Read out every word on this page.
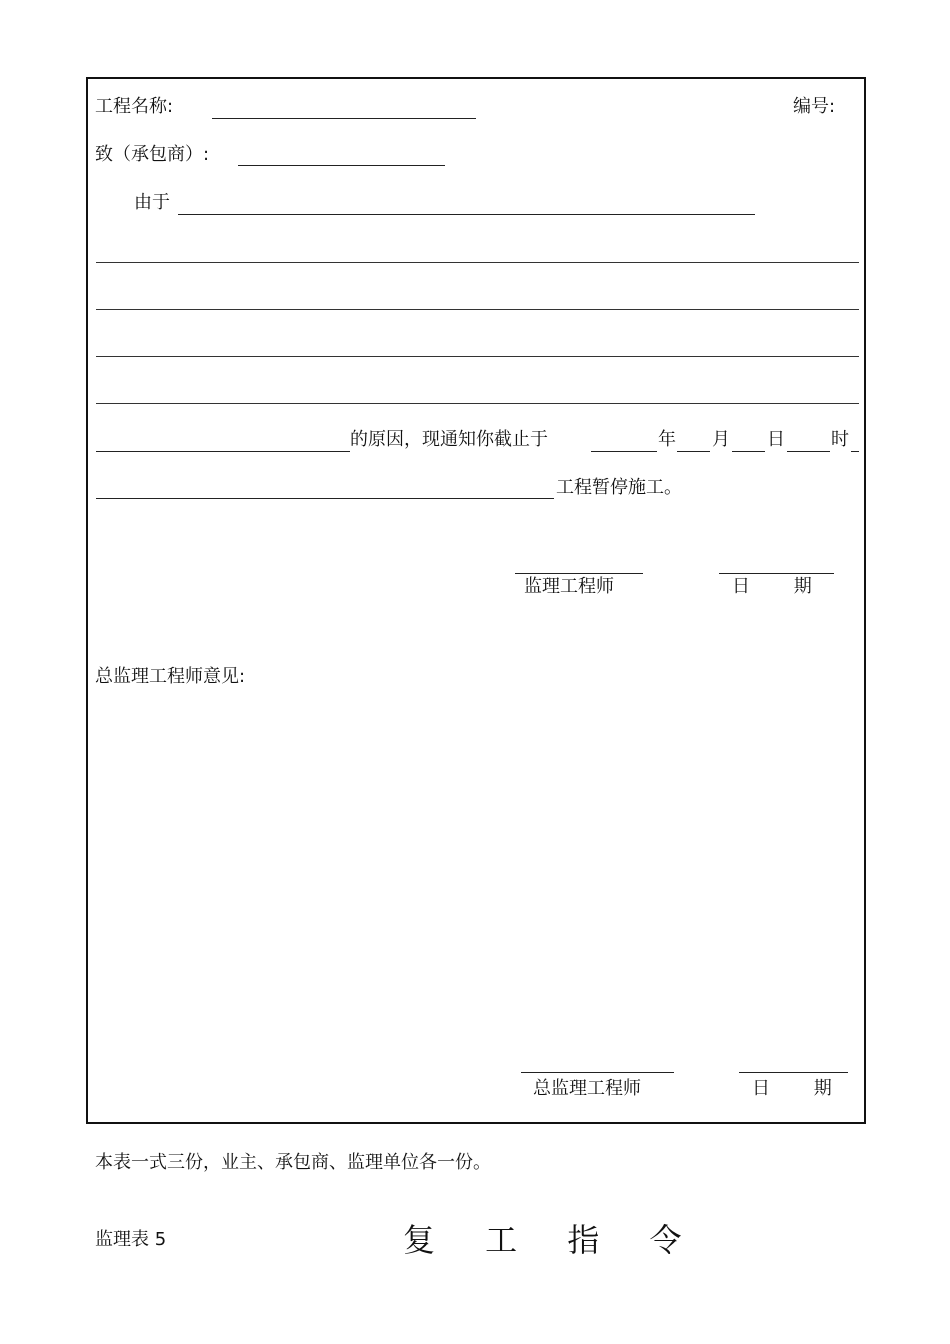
工程名称:	编号:
致（承包商）:
由于
的原因，现通知你截止于	年 月 日	时
工程暂停施工。
监理工程师	日 期
总监理工程师意见:
总监理工程师	日 期
本表一式三份，业主、承包商、监理单位各一份。
监理表 5	复 工 指 令
